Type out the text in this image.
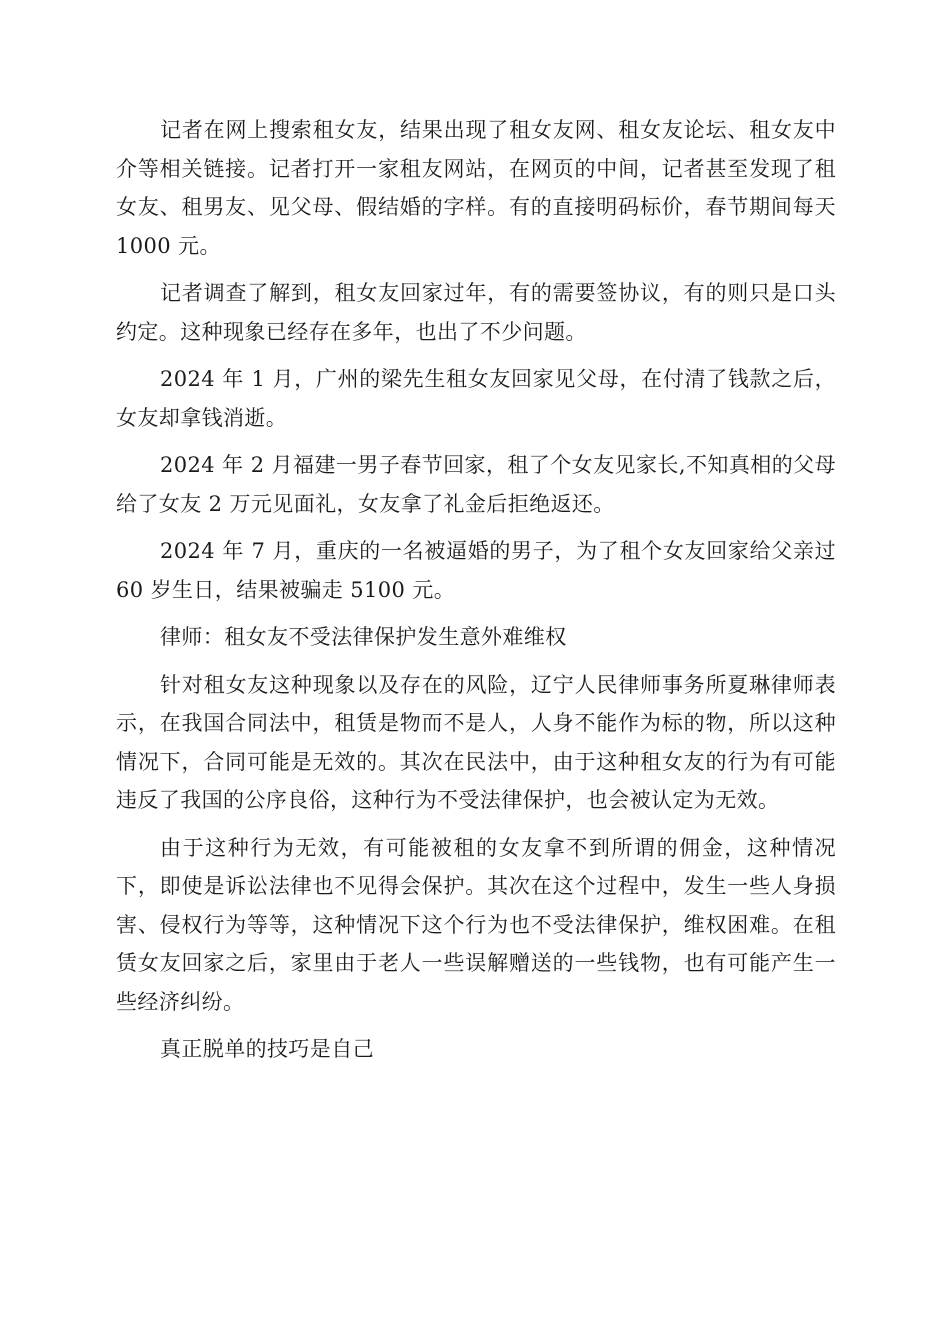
记者在网上搜索租女友，结果出现了租女友网、租女友论坛、租女友中介等相关链接。记者打开一家租友网站，在网页的中间，记者甚至发现了租女友、租男友、见父母、假结婚的字样。有的直接明码标价，春节期间每天 1000 元。

记者调查了解到，租女友回家过年，有的需要签协议，有的则只是口头约定。这种现象已经存在多年，也出了不少问题。

2024 年 1 月，广州的梁先生租女友回家见父母，在付清了钱款之后，女友却拿钱消逝。

2024 年 2 月福建一男子春节回家，租了个女友见家长,不知真相的父母给了女友 2 万元见面礼，女友拿了礼金后拒绝返还。

2024 年 7 月，重庆的一名被逼婚的男子，为了租个女友回家给父亲过 60 岁生日，结果被骗走 5100 元。

律师：租女友不受法律保护发生意外难维权

针对租女友这种现象以及存在的风险，辽宁人民律师事务所夏琳律师表示，在我国合同法中，租赁是物而不是人，人身不能作为标的物，所以这种情况下，合同可能是无效的。其次在民法中，由于这种租女友的行为有可能违反了我国的公序良俗，这种行为不受法律保护，也会被认定为无效。

由于这种行为无效，有可能被租的女友拿不到所谓的佣金，这种情况下，即使是诉讼法律也不见得会保护。其次在这个过程中，发生一些人身损害、侵权行为等等，这种情况下这个行为也不受法律保护，维权困难。在租赁女友回家之后，家里由于老人一些误解赠送的一些钱物，也有可能产生一些经济纠纷。

真正脱单的技巧是自己
